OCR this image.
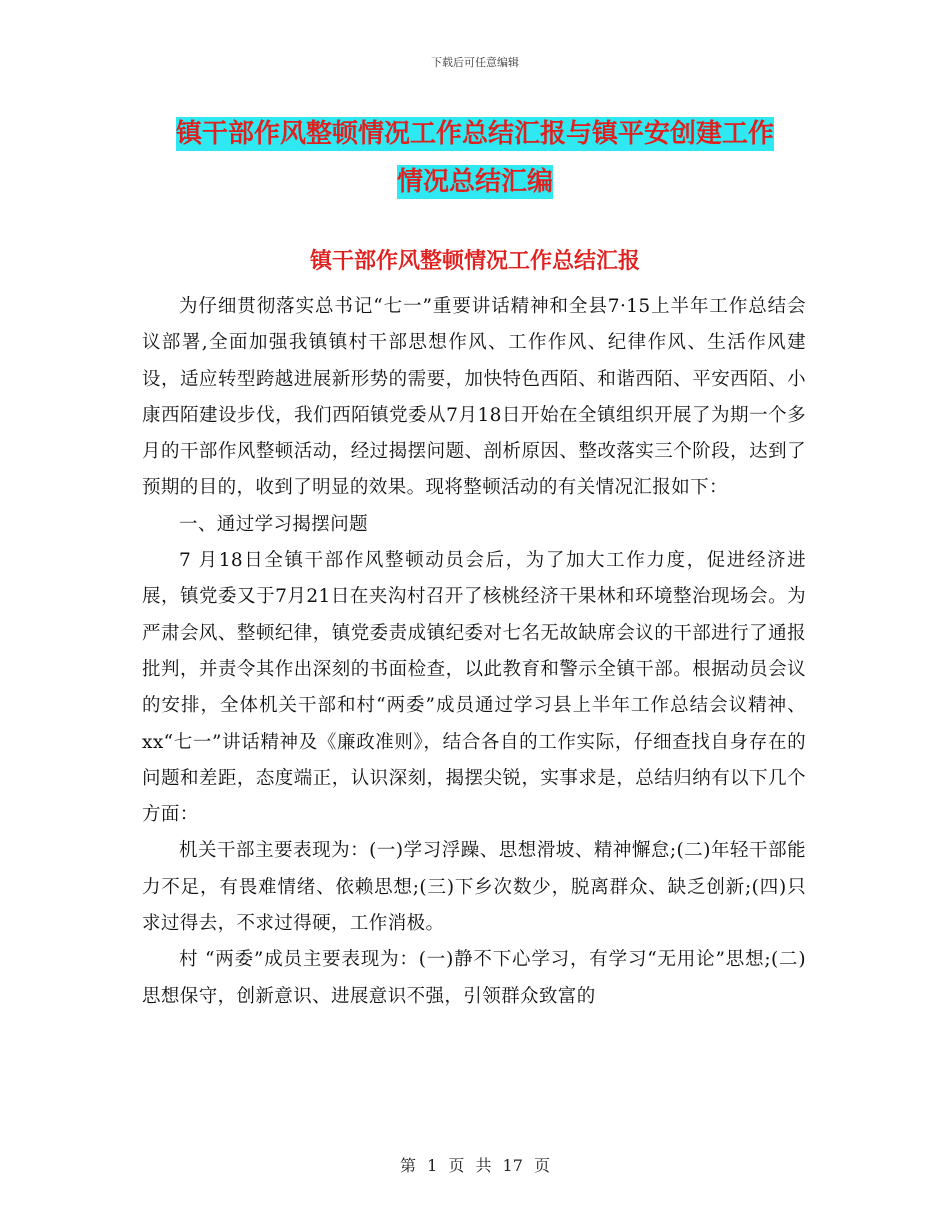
下载后可任意编辑
镇干部作风整顿情况工作总结汇报与镇平安创建工作
情况总结汇编
镇干部作风整顿情况工作总结汇报

为仔细贯彻落实总书记“七一”重要讲话精神和全县7·15上半年工作总结会议部署,全面加强我镇镇村干部思想作风、工作作风、纪律作风、生活作风建设，适应转型跨越进展新形势的需要，加快特色西陌、和谐西陌、平安西陌、小康西陌建设步伐，我们西陌镇党委从7月18日开始在全镇组织开展了为期一个多月的干部作风整顿活动，经过揭摆问题、剖析原因、整改落实三个阶段，达到了预期的目的，收到了明显的效果。现将整顿活动的有关情况汇报如下：

一、通过学习揭摆问题

7 月18日全镇干部作风整顿动员会后，为了加大工作力度，促进经济进展，镇党委又于7月21日在夹沟村召开了核桃经济干果林和环境整治现场会。为严肃会风、整顿纪律，镇党委责成镇纪委对七名无故缺席会议的干部进行了通报批判，并责令其作出深刻的书面检查，以此教育和警示全镇干部。根据动员会议的安排，全体机关干部和村“两委”成员通过学习县上半年工作总结会议精神、xx“七一”讲话精神及《廉政准则》，结合各自的工作实际，仔细查找自身存在的问题和差距，态度端正，认识深刻，揭摆尖锐，实事求是，总结归纳有以下几个方面：

机关干部主要表现为：(一)学习浮躁、思想滑坡、精神懈怠;(二)年轻干部能力不足，有畏难情绪、依赖思想;(三)下乡次数少，脱离群众、缺乏创新;(四)只求过得去，不求过得硬，工作消极。

村 “两委”成员主要表现为：(一)静不下心学习，有学习“无用论”思想;(二)思想保守，创新意识、进展意识不强，引领群众致富的

第 1 页 共 17 页
